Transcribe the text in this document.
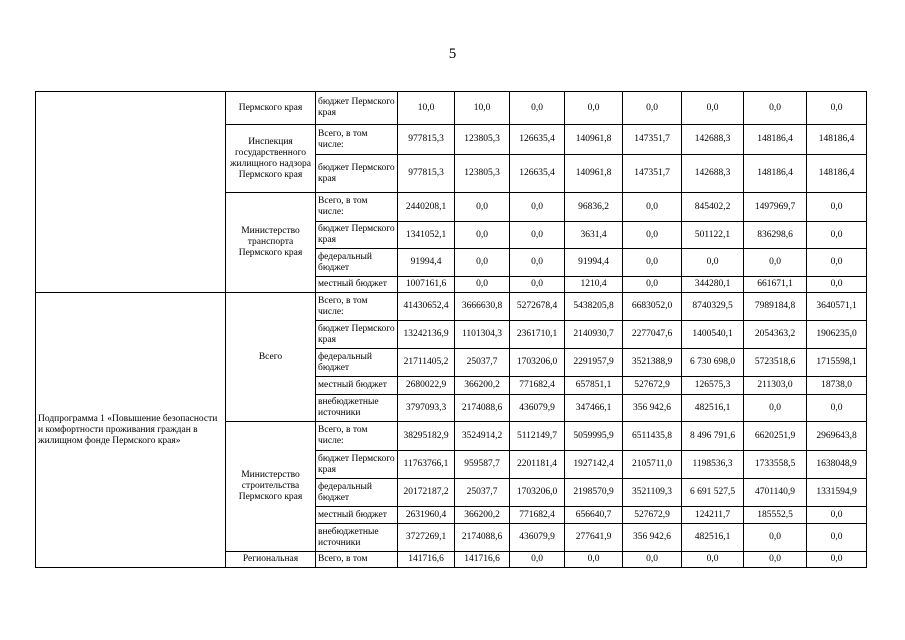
5
	Пермского края	бюджет Пермского края	10,0	10,0	0,0	0,0	0,0	0,0	0,0	0,0
	Инспекция государственного жилищного надзора Пермского края	Всего, в том числе:	977815,3	123805,3	126635,4	140961,8	147351,7	142688,3	148186,4	148186,4
		бюджет Пермского края	977815,3	123805,3	126635,4	140961,8	147351,7	142688,3	148186,4	148186,4
	Министерство транспорта Пермского края	Всего, в том числе:	2440208,1	0,0	0,0	96836,2	0,0	845402,2	1497969,7	0,0
		бюджет Пермского края	1341052,1	0,0	0,0	3631,4	0,0	501122,1	836298,6	0,0
		федеральный бюджет	91994,4	0,0	0,0	91994,4	0,0	0,0	0,0	0,0
		местный бюджет	1007161,6	0,0	0,0	1210,4	0,0	344280,1	661671,1	0,0
Подпрограмма 1 «Повышение безопасности и комфортности проживания граждан в жилищном фонде Пермского края»	Всего	Всего, в том числе:	41430652,4	3666630,8	5272678,4	5438205,8	6683052,0	8740329,5	7989184,8	3640571,1
		бюджет Пермского края	13242136,9	1101304,3	2361710,1	2140930,7	2277047,6	1400540,1	2054363,2	1906235,0
		федеральный бюджет	21711405,2	25037,7	1703206,0	2291957,9	3521388,9	6 730 698,0	5723518,6	1715598,1
		местный бюджет	2680022,9	366200,2	771682,4	657851,1	527672,9	126575,3	211303,0	18738,0
		внебюджетные источники	3797093,3	2174088,6	436079,9	347466,1	356 942,6	482516,1	0,0	0,0
	Министерство строительства Пермского края	Всего, в том числе:	38295182,9	3524914,2	5112149,7	5059995,9	6511435,8	8 496 791,6	6620251,9	2969643,8
		бюджет Пермского края	11763766,1	959587,7	2201181,4	1927142,4	2105711,0	1198536,3	1733558,5	1638048,9
		федеральный бюджет	20172187,2	25037,7	1703206,0	2198570,9	3521109,3	6 691 527,5	4701140,9	1331594,9
		местный бюджет	2631960,4	366200,2	771682,4	656640,7	527672,9	124211,7	185552,5	0,0
		внебюджетные источники	3727269,1	2174088,6	436079,9	277641,9	356 942,6	482516,1	0,0	0,0
	Региональная	Всего, в том	141716,6	141716,6	0,0	0,0	0,0	0,0	0,0	0,0
